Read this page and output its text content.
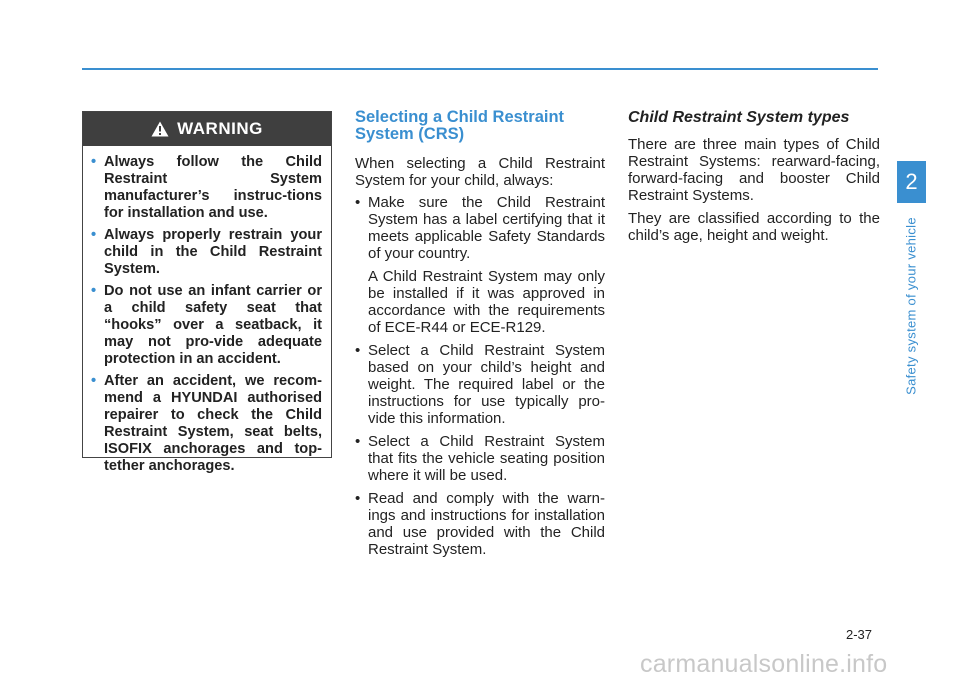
WARNING
• Always follow the Child Restraint System manufacturer’s instruc-tions for installation and use.
• Always properly restrain your child in the Child Restraint System.
• Do not use an infant carrier or a child safety seat that “hooks” over a seatback, it may not pro-vide adequate protection in an accident.
• After an accident, we recom-mend a HYUNDAI authorised repairer to check the Child Restraint System, seat belts, ISOFIX anchorages and top-tether anchorages.
Selecting a Child Restraint System (CRS)

When selecting a Child Restraint System for your child, always:

• Make sure the Child Restraint System has a label certifying that it meets applicable Safety Standards of your country.
A Child Restraint System may only be installed if it was approved in accordance with the requirements of ECE-R44 or ECE-R129.
• Select a Child Restraint System based on your child’s height and weight. The required label or the instructions for use typically pro-vide this information.
• Select a Child Restraint System that fits the vehicle seating position where it will be used.
• Read and comply with the warn-ings and instructions for installation and use provided with the Child Restraint System.
Child Restraint System types

There are three main types of Child Restraint Systems: rearward-facing, forward-facing and booster Child Restraint Systems.

They are classified according to the child’s age, height and weight.

2
Safety system of your vehicle
2-37
carmanualsonline.info
